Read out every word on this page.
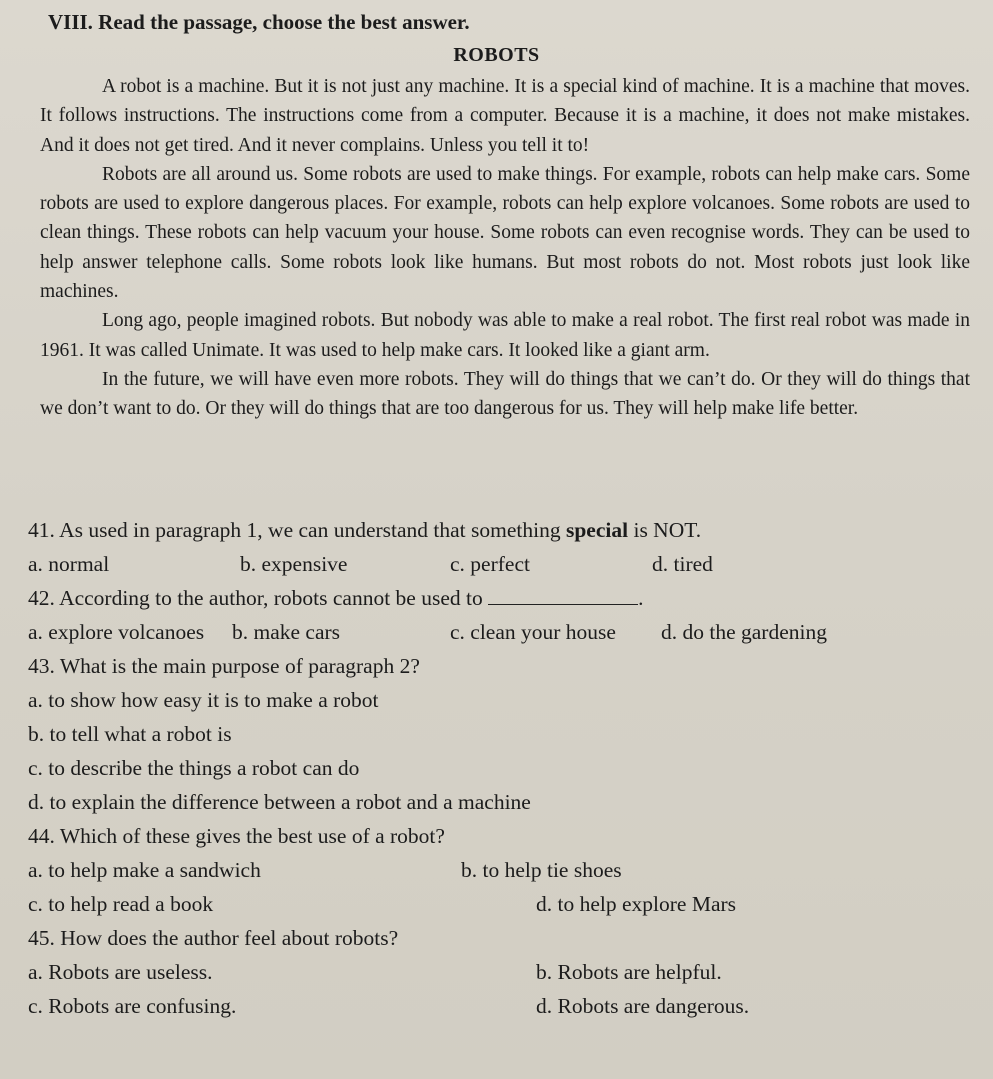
VIII. Read the passage, choose the best answer.
ROBOTS

A robot is a machine. But it is not just any machine. It is a special kind of machine. It is a machine that moves. It follows instructions. The instructions come from a computer. Because it is a machine, it does not make mistakes. And it does not get tired. And it never complains. Unless you tell it to!

Robots are all around us. Some robots are used to make things. For example, robots can help make cars. Some robots are used to explore dangerous places. For example, robots can help explore volcanoes. Some robots are used to clean things. These robots can help vacuum your house. Some robots can even recognise words. They can be used to help answer telephone calls. Some robots look like humans. But most robots do not. Most robots just look like machines.

Long ago, people imagined robots. But nobody was able to make a real robot. The first real robot was made in 1961. It was called Unimate. It was used to help make cars. It looked like a giant arm.

In the future, we will have even more robots. They will do things that we can’t do. Or they will do things that we don’t want to do. Or they will do things that are too dangerous for us. They will help make life better.

41. As used in paragraph 1, we can understand that something special is NOT.
a. normal	b. expensive	c. perfect	d. tired
42. According to the author, robots cannot be used to	.
a. explore volcanoes b. make cars	c. clean your house d. do the gardening
43. What is the main purpose of paragraph 2?
a. to show how easy it is to make a robot
b. to tell what a robot is
c. to describe the things a robot can do
d. to explain the difference between a robot and a machine
44. Which of these gives the best use of a robot?
a. to help make a sandwich	b. to help tie shoes
c. to help read a book	d. to help explore Mars
45. How does the author feel about robots?
a. Robots are useless.	b. Robots are helpful.
c. Robots are confusing.	d. Robots are dangerous.
